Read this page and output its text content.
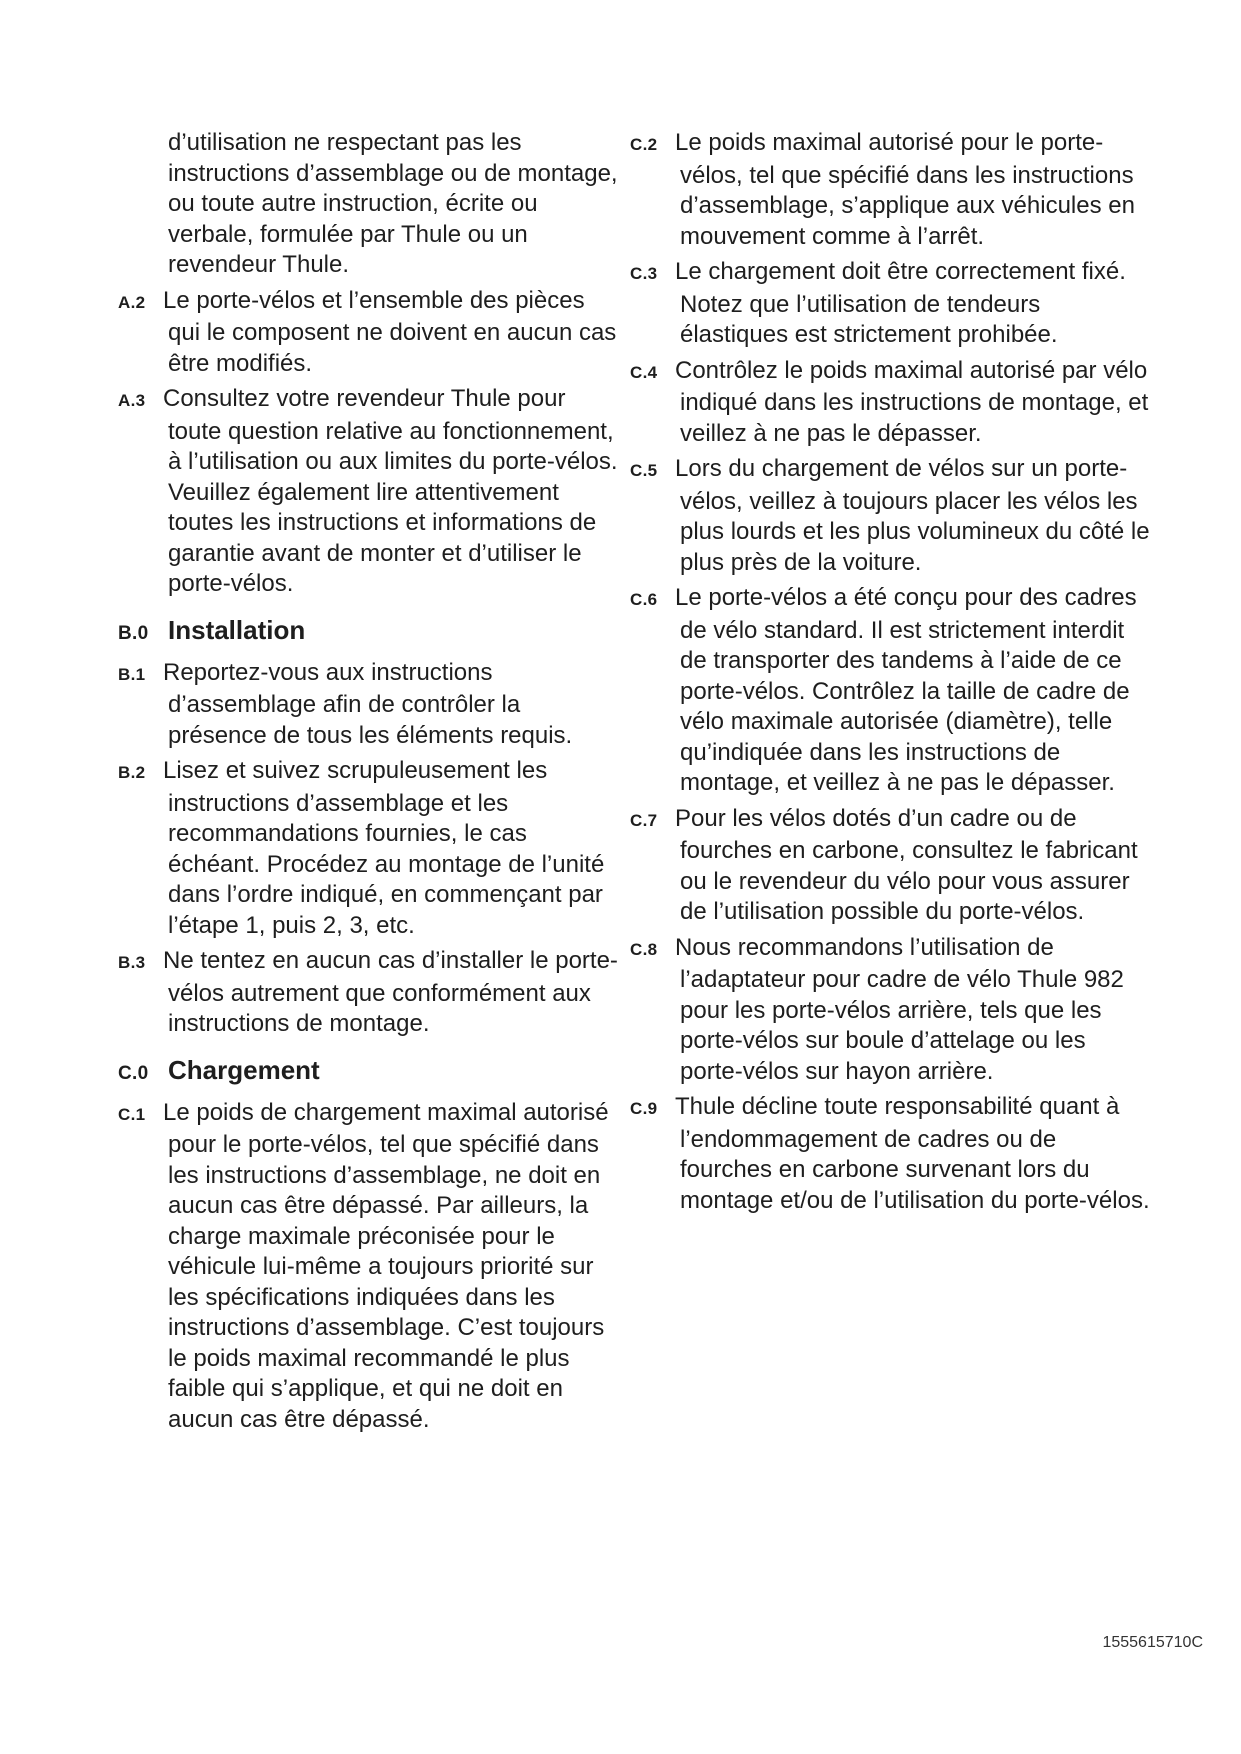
d’utilisation ne respectant pas les instructions d’assemblage ou de montage, ou toute autre instruction, écrite ou verbale, formulée par Thule ou un revendeur Thule.

A.2 Le porte-vélos et l’ensemble des pièces qui le composent ne doivent en aucun cas être modifiés.

A.3 Consultez votre revendeur Thule pour toute question relative au fonctionnement, à l’utilisation ou aux limites du porte-vélos. Veuillez également lire attentivement toutes les instructions et informations de garantie avant de monter et d’utiliser le porte-vélos.

B.0 Installation

B.1 Reportez-vous aux instructions d’assemblage afin de contrôler la présence de tous les éléments requis.

B.2 Lisez et suivez scrupuleusement les instructions d’assemblage et les recommandations fournies, le cas échéant. Procédez au montage de l’unité dans l’ordre indiqué, en commençant par l’étape 1, puis 2, 3, etc.

B.3 Ne tentez en aucun cas d’installer le porte-vélos autrement que conformément aux instructions de montage.

C.0 Chargement

C.1 Le poids de chargement maximal autorisé pour le porte-vélos, tel que spécifié dans les instructions d’assemblage, ne doit en aucun cas être dépassé. Par ailleurs, la charge maximale préconisée pour le véhicule lui-même a toujours priorité sur les spécifications indiquées dans les instructions d’assemblage. C’est toujours le poids maximal recommandé le plus faible qui s’applique, et qui ne doit en aucun cas être dépassé.

C.2 Le poids maximal autorisé pour le porte-vélos, tel que spécifié dans les instructions d’assemblage, s’applique aux véhicules en mouvement comme à l’arrêt.

C.3 Le chargement doit être correctement fixé. Notez que l’utilisation de tendeurs élastiques est strictement prohibée.

C.4 Contrôlez le poids maximal autorisé par vélo indiqué dans les instructions de montage, et veillez à ne pas le dépasser.

C.5 Lors du chargement de vélos sur un porte-vélos, veillez à toujours placer les vélos les plus lourds et les plus volumineux du côté le plus près de la voiture.

C.6 Le porte-vélos a été conçu pour des cadres de vélo standard. Il est strictement interdit de transporter des tandems à l’aide de ce porte-vélos. Contrôlez la taille de cadre de vélo maximale autorisée (diamètre), telle qu’indiquée dans les instructions de montage, et veillez à ne pas le dépasser.

C.7 Pour les vélos dotés d’un cadre ou de fourches en carbone, consultez le fabricant ou le revendeur du vélo pour vous assurer de l’utilisation possible du porte-vélos.

C.8 Nous recommandons l’utilisation de l’adaptateur pour cadre de vélo Thule 982 pour les porte-vélos arrière, tels que les porte-vélos sur boule d’attelage ou les porte-vélos sur hayon arrière.

C.9 Thule décline toute responsabilité quant à l’endommagement de cadres ou de fourches en carbone survenant lors du montage et/ou de l’utilisation du porte-vélos.

1555615710C
